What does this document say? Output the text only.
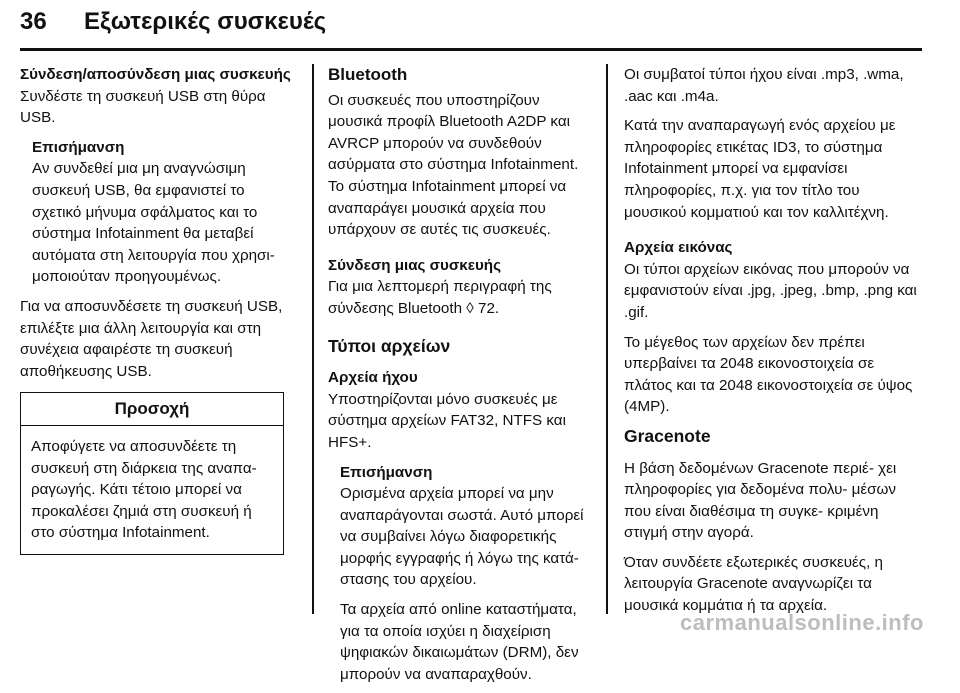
36 Εξωτερικές συσκευές

Σύνδεση/αποσύνδεση μιας συσκευής

Συνδέστε τη συσκευή USB στη θύρα USB.

Επισήμανση

Αν συνδεθεί μια μη αναγνώσιμη συσκευή USB, θα εμφανιστεί το σχετικό μήνυμα σφάλματος και το σύστημα Infotainment θα μεταβεί αυτόματα στη λειτουργία που χρησι- μοποιούταν προηγουμένως.

Για να αποσυνδέσετε τη συσκευή USB, επιλέξτε μια άλλη λειτουργία και στη συνέχεια αφαιρέστε τη συσκευή αποθήκευσης USB.

Προσοχή
Αποφύγετε να αποσυνδέετε τη συσκευή στη διάρκεια της αναπα- ραγωγής. Κάτι τέτοιο μπορεί να προκαλέσει ζημιά στη συσκευή ή στο σύστημα Infotainment.

Bluetooth

Οι συσκευές που υποστηρίζουν μουσικά προφίλ Bluetooth A2DP και AVRCP μπορούν να συνδεθούν ασύρματα στο σύστημα Infotainment.

Το σύστημα Infotainment μπορεί να αναπαράγει μουσικά αρχεία που υπάρχουν σε αυτές τις συσκευές.

Σύνδεση μιας συσκευής

Για μια λεπτομερή περιγραφή της σύνδεσης Bluetooth ◊ 72.

Τύποι αρχείων

Αρχεία ήχου

Υποστηρίζονται μόνο συσκευές με σύστημα αρχείων FAT32, NTFS και HFS+.

Επισήμανση

Ορισμένα αρχεία μπορεί να μην αναπαράγονται σωστά. Αυτό μπορεί να συμβαίνει λόγω διαφορετικής μορφής εγγραφής ή λόγω της κατά- στασης του αρχείου.

Τα αρχεία από online καταστήματα, για τα οποία ισχύει η διαχείριση ψηφιακών δικαιωμάτων (DRM), δεν μπορούν να αναπαραχθούν.

Οι συμβατοί τύποι ήχου είναι .mp3, .wma, .aac και .m4a.

Κατά την αναπαραγωγή ενός αρχείου με πληροφορίες ετικέτας ID3, το σύστημα Infotainment μπορεί να εμφανίσει πληροφορίες, π.χ. για τον τίτλο του μουσικού κομματιού και τον καλλιτέχνη.

Αρχεία εικόνας

Οι τύποι αρχείων εικόνας που μπορούν να εμφανιστούν είναι .jpg, .jpeg, .bmp, .png και .gif.

Το μέγεθος των αρχείων δεν πρέπει υπερβαίνει τα 2048 εικονοστοιχεία σε πλάτος και τα 2048 εικονοστοιχεία σε ύψος (4MP).

Gracenote

Η βάση δεδομένων Gracenote περιέ- χει πληροφορίες για δεδομένα πολυ- μέσων που είναι διαθέσιμα τη συγκε- κριμένη στιγμή στην αγορά.

Όταν συνδέετε εξωτερικές συσκευές, η λειτουργία Gracenote αναγνωρίζει τα μουσικά κομμάτια ή τα αρχεία.

carmanualsonline.info
